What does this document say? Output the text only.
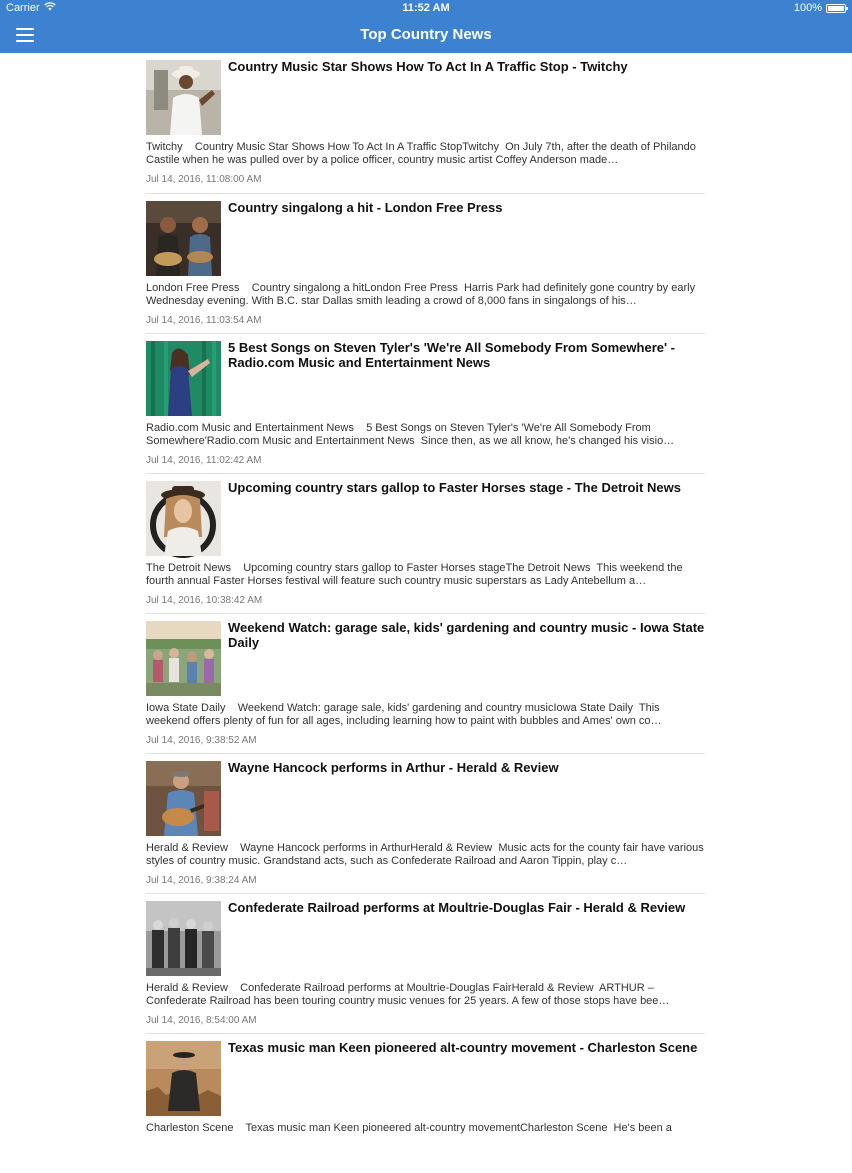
Carrier	11:52 AM	100%
Top Country News
Country Music Star Shows How To Act In A Traffic Stop - Twitchy
Twitchy    Country Music Star Shows How To Act In A Traffic StopTwitchy  On July 7th, after the death of Philando Castile when he was pulled over by a police officer, country music artist Coffey Anderson made…
Jul 14, 2016, 11:08:00 AM
Country singalong a hit - London Free Press
London Free Press    Country singalong a hitLondon Free Press  Harris Park had definitely gone country by early Wednesday evening. With B.C. star Dallas smith leading a crowd of 8,000 fans in singalongs of his…
Jul 14, 2016, 11:03:54 AM
5 Best Songs on Steven Tyler's 'We're All Somebody From Somewhere' - Radio.com Music and Entertainment News
Radio.com Music and Entertainment News    5 Best Songs on Steven Tyler's 'We're All Somebody From Somewhere'Radio.com Music and Entertainment News  Since then, as we all know, he's changed his visio…
Jul 14, 2016, 11:02:42 AM
Upcoming country stars gallop to Faster Horses stage - The Detroit News
The Detroit News    Upcoming country stars gallop to Faster Horses stageThe Detroit News  This weekend the fourth annual Faster Horses festival will feature such country music superstars as Lady Antebellum a…
Jul 14, 2016, 10:38:42 AM
Weekend Watch: garage sale, kids' gardening and country music - Iowa State Daily
Iowa State Daily    Weekend Watch: garage sale, kids' gardening and country musicIowa State Daily  This weekend offers plenty of fun for all ages, including learning how to paint with bubbles and Ames' own co…
Jul 14, 2016, 9:38:52 AM
Wayne Hancock performs in Arthur - Herald & Review
Herald & Review    Wayne Hancock performs in ArthurHerald & Review  Music acts for the county fair have various styles of country music. Grandstand acts, such as Confederate Railroad and Aaron Tippin, play c…
Jul 14, 2016, 9:38:24 AM
Confederate Railroad performs at Moultrie-Douglas Fair - Herald & Review
Herald & Review    Confederate Railroad performs at Moultrie-Douglas FairHerald & Review  ARTHUR – Confederate Railroad has been touring country music venues for 25 years. A few of those stops have bee…
Jul 14, 2016, 8:54:00 AM
Texas music man Keen pioneered alt-country movement - Charleston Scene
Charleston Scene    Texas music man Keen pioneered alt-country movementCharleston Scene  He's been a
